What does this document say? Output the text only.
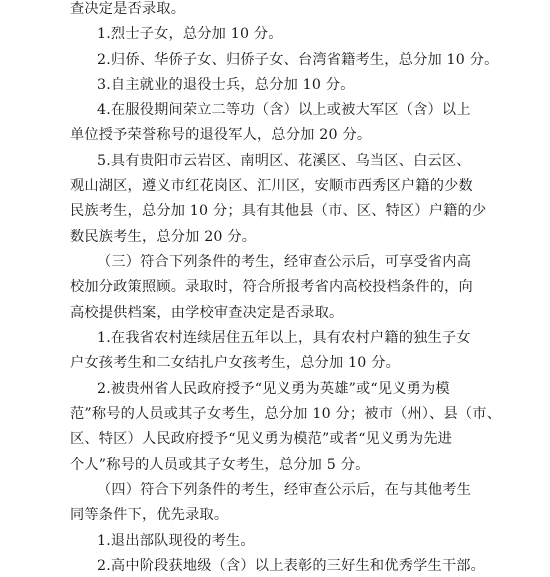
查决定是否录取。
1.烈士子女，总分加 10 分。
2.归侨、华侨子女、归侨子女、台湾省籍考生，总分加 10 分。
3.自主就业的退役士兵，总分加 10 分。
4.在服役期间荣立二等功（含）以上或被大军区（含）以上
单位授予荣誉称号的退役军人，总分加 20 分。
5.具有贵阳市云岩区、南明区、花溪区、乌当区、白云区、
观山湖区，遵义市红花岗区、汇川区，安顺市西秀区户籍的少数
民族考生，总分加 10 分；具有其他县（市、区、特区）户籍的少
数民族考生，总分加 20 分。
（三）符合下列条件的考生，经审查公示后，可享受省内高
校加分政策照顾。录取时，符合所报考省内高校投档条件的，向
高校提供档案，由学校审查决定是否录取。
1.在我省农村连续居住五年以上，具有农村户籍的独生子女
户女孩考生和二女结扎户女孩考生，总分加 10 分。
2.被贵州省人民政府授予“见义勇为英雄”或“见义勇为模
范”称号的人员或其子女考生，总分加 10 分；被市（州）、县（市、
区、特区）人民政府授予“见义勇为模范”或者“见义勇为先进
个人”称号的人员或其子女考生，总分加 5 分。
（四）符合下列条件的考生，经审查公示后，在与其他考生
同等条件下，优先录取。
1.退出部队现役的考生。
2.高中阶段获地级（含）以上表彰的三好生和优秀学生干部。
